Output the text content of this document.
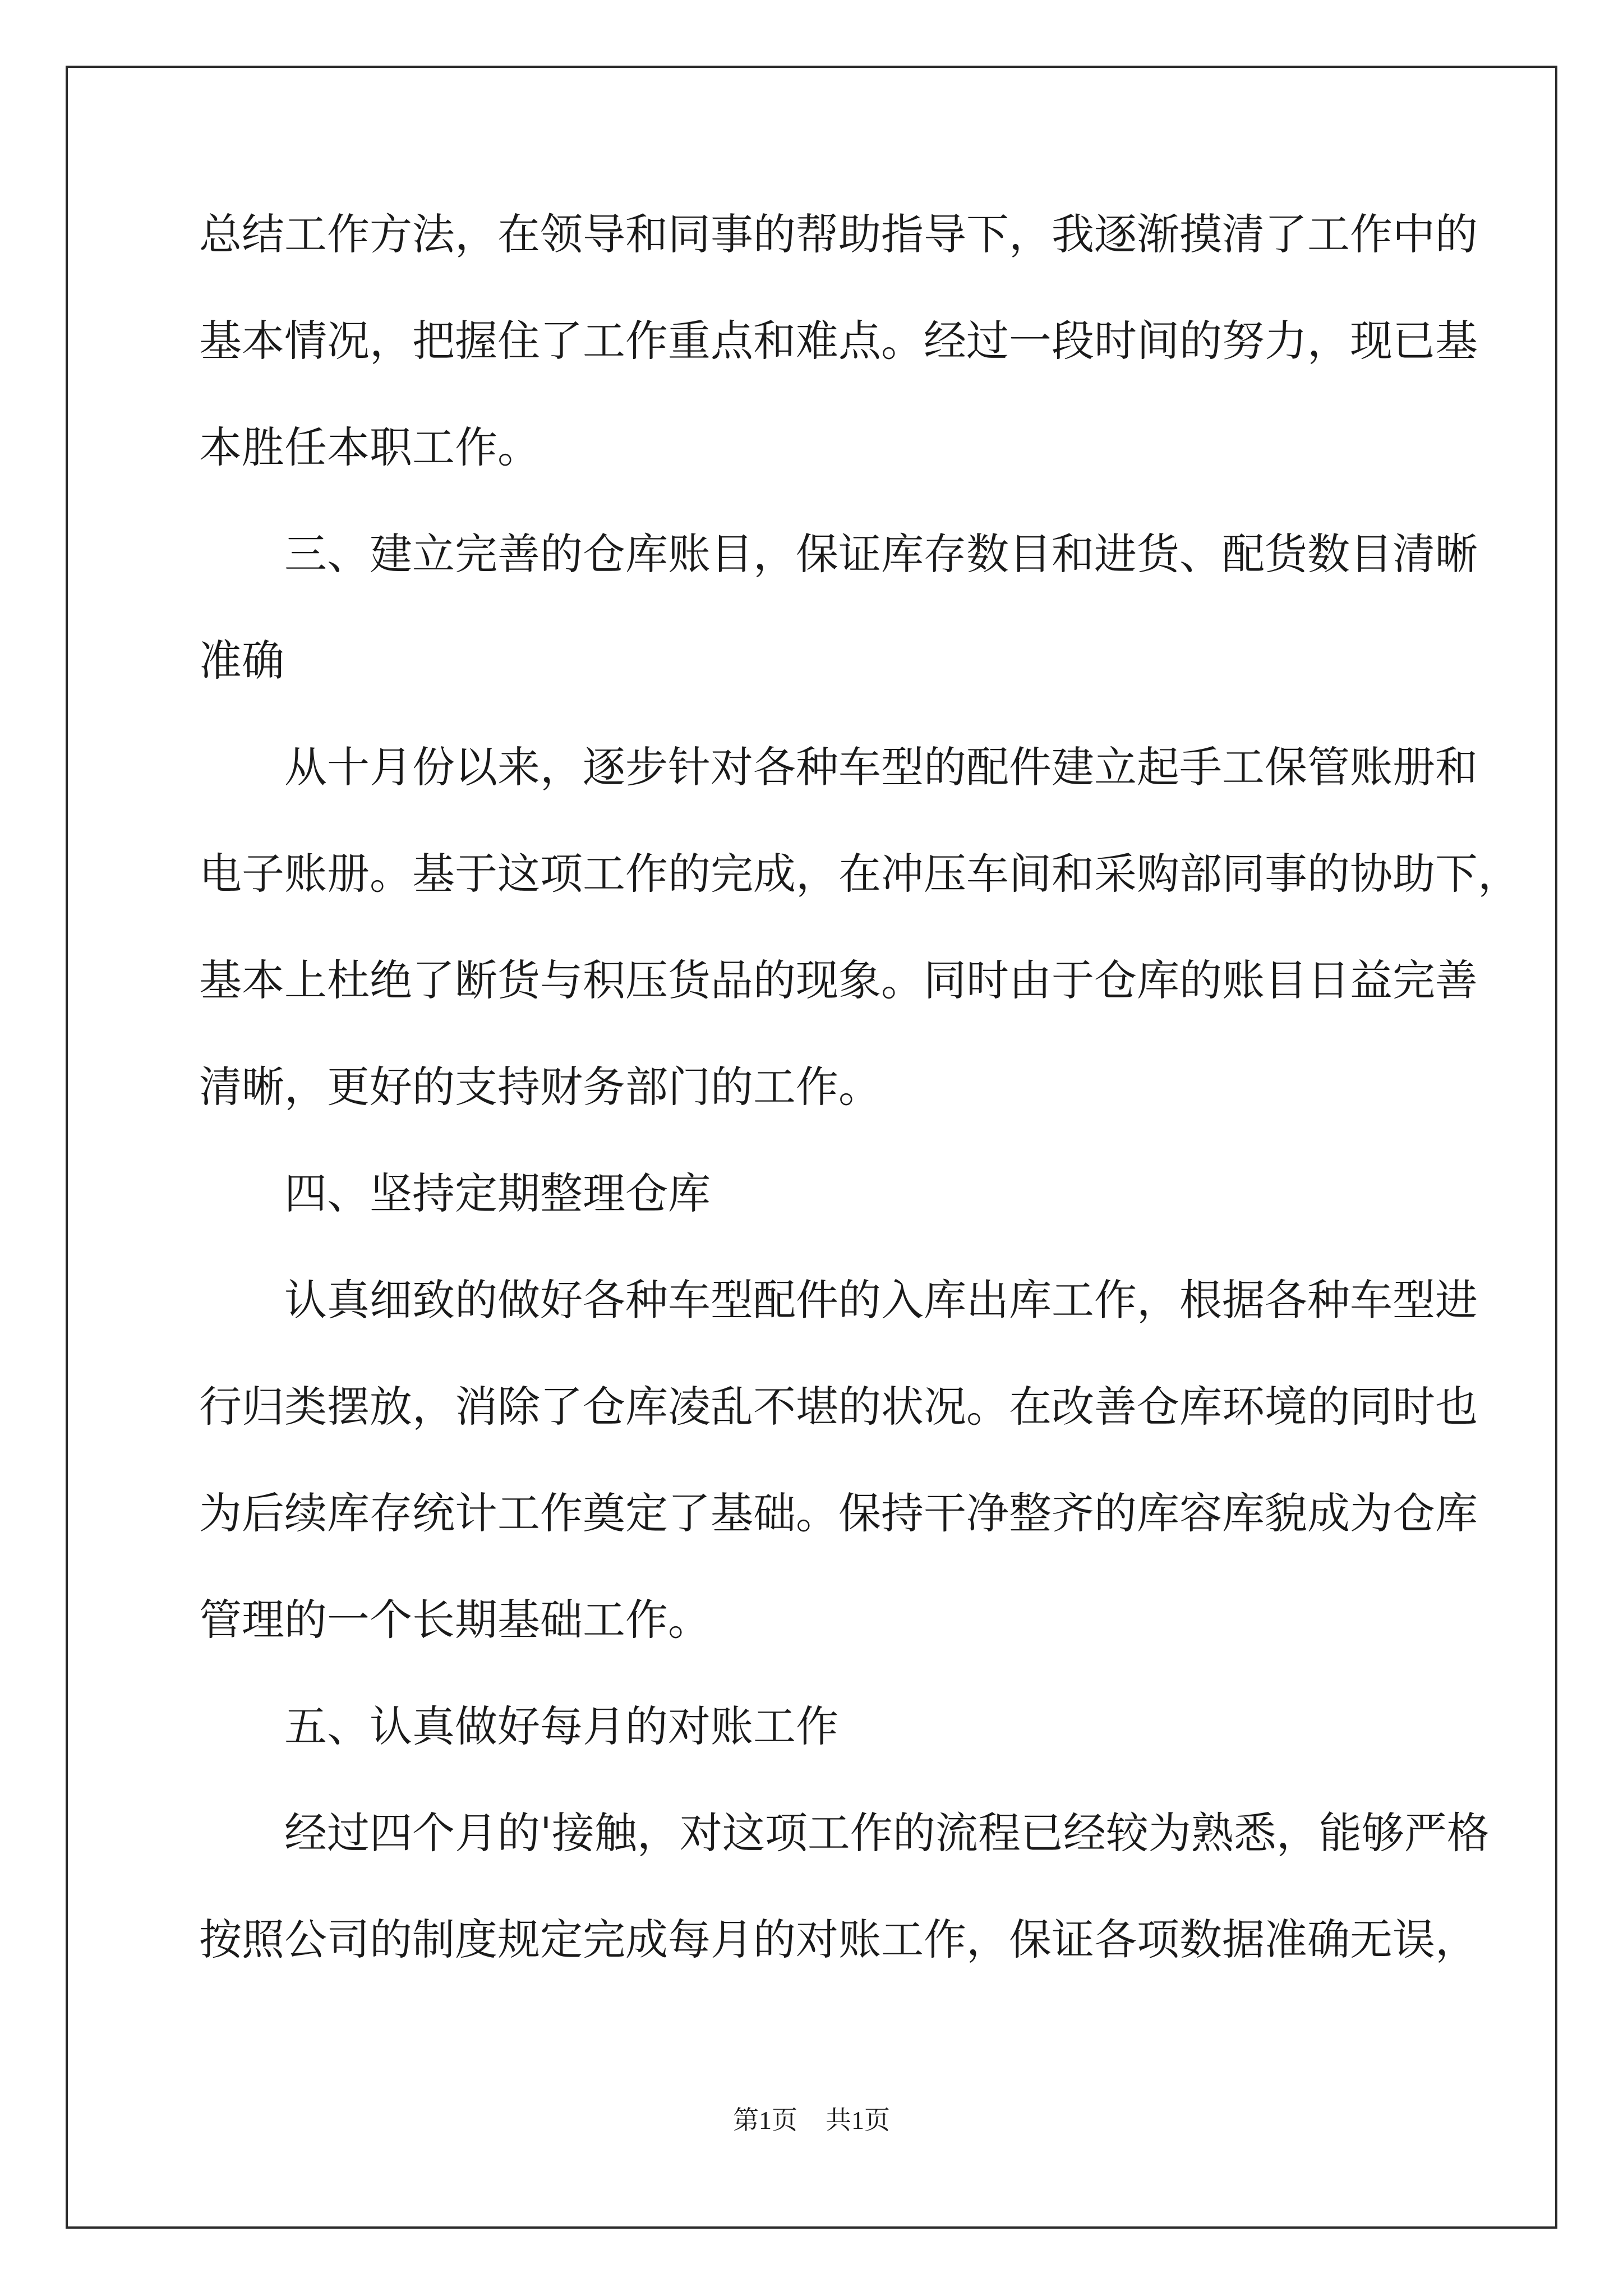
总结工作方法，在领导和同事的帮助指导下，我逐渐摸清了工作中的
基本情况，把握住了工作重点和难点。经过一段时间的努力，现已基
本胜任本职工作。
三、建立完善的仓库账目，保证库存数目和进货、配货数目清晰
准确
从十月份以来，逐步针对各种车型的配件建立起手工保管账册和
电子账册。基于这项工作的完成，在冲压车间和采购部同事的协助下，
基本上杜绝了断货与积压货品的现象。同时由于仓库的账目日益完善
清晰，更好的支持财务部门的工作。
四、坚持定期整理仓库
认真细致的做好各种车型配件的入库出库工作，根据各种车型进
行归类摆放，消除了仓库凌乱不堪的状况。在改善仓库环境的同时也
为后续库存统计工作奠定了基础。保持干净整齐的库容库貌成为仓库
管理的一个长期基础工作。
五、认真做好每月的对账工作
经过四个月的'接触，对这项工作的流程已经较为熟悉，能够严格
按照公司的制度规定完成每月的对账工作，保证各项数据准确无误，
第1页 共1页
